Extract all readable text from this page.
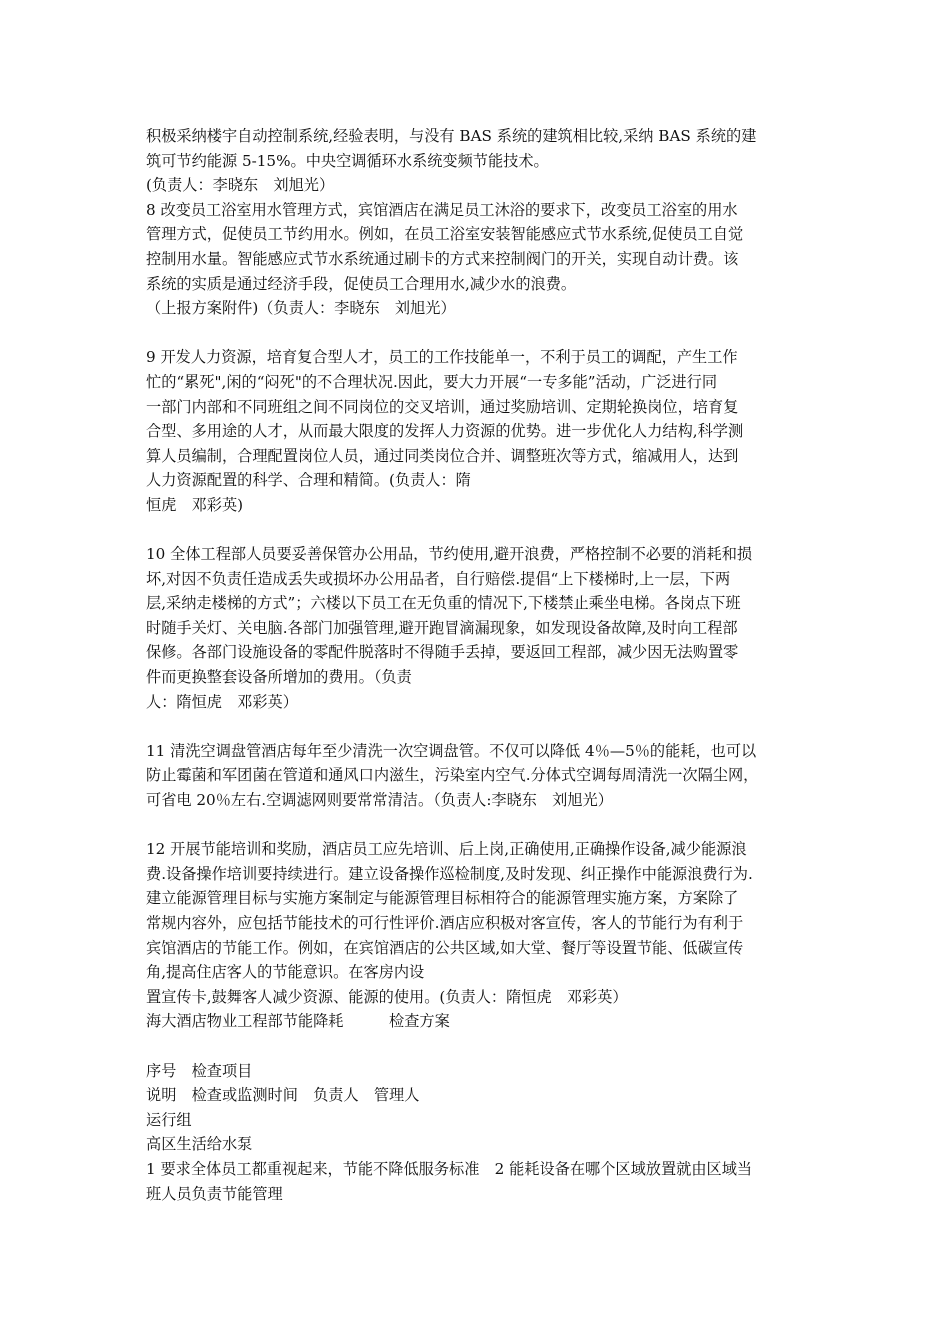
积极采纳楼宇自动控制系统,经验表明，与没有 BAS 系统的建筑相比较,采纳 BAS 系统的建
筑可节约能源 5-15%。中央空调循环水系统变频节能技术。
(负责人：李晓东　刘旭光）
8 改变员工浴室用水管理方式，宾馆酒店在满足员工沐浴的要求下，改变员工浴室的用水
管理方式，促使员工节约用水。例如，在员工浴室安装智能感应式节水系统,促使员工自觉
控制用水量。智能感应式节水系统通过刷卡的方式来控制阀门的开关，实现自动计费。该
系统的实质是通过经济手段，促使员工合理用水,减少水的浪费。
（上报方案附件)（负责人：李晓东　刘旭光）
9 开发人力资源，培育复合型人才，员工的工作技能单一，不利于员工的调配，产生工作
忙的“累死",闲的“闷死"的不合理状况.因此，要大力开展“一专多能”活动，广泛进行同
一部门内部和不同班组之间不同岗位的交叉培训，通过奖励培训、定期轮换岗位，培育复
合型、多用途的人才，从而最大限度的发挥人力资源的优势。进一步优化人力结构,科学测
算人员编制，合理配置岗位人员，通过同类岗位合并、调整班次等方式，缩减用人，达到
人力资源配置的科学、合理和精简。(负责人：隋
恒虎　邓彩英)
10 全体工程部人员要妥善保管办公用品，节约使用,避开浪费，严格控制不必要的消耗和损
坏,对因不负责任造成丢失或损坏办公用品者，自行赔偿.提倡“上下楼梯时,上一层，下两
层,采纳走楼梯的方式”；六楼以下员工在无负重的情况下,下楼禁止乘坐电梯。各岗点下班
时随手关灯、关电脑.各部门加强管理,避开跑冒滴漏现象，如发现设备故障,及时向工程部
保修。各部门设施设备的零配件脱落时不得随手丢掉，要返回工程部，减少因无法购置零
件而更换整套设备所增加的费用。（负责
人：隋恒虎　邓彩英）
11 清洗空调盘管酒店每年至少清洗一次空调盘管。不仅可以降低 4％—5％的能耗，也可以
防止霉菌和军团菌在管道和通风口内滋生，污染室内空气.分体式空调每周清洗一次隔尘网，
可省电 20％左右.空调滤网则要常常清洁。（负责人:李晓东　刘旭光）
12 开展节能培训和奖励，酒店员工应先培训、后上岗,正确使用,正确操作设备,减少能源浪
费.设备操作培训要持续进行。建立设备操作巡检制度,及时发现、纠正操作中能源浪费行为.
建立能源管理目标与实施方案制定与能源管理目标相符合的能源管理实施方案，方案除了
常规内容外，应包括节能技术的可行性评价.酒店应积极对客宣传，客人的节能行为有利于
宾馆酒店的节能工作。例如，在宾馆酒店的公共区域,如大堂、餐厅等设置节能、低碳宣传
角,提高住店客人的节能意识。在客房内设
置宣传卡,鼓舞客人减少资源、能源的使用。(负责人：隋恒虎　邓彩英）
海大酒店物业工程部节能降耗　　　检查方案
序号　检查项目
说明　检查或监测时间　负责人　管理人
运行组
高区生活给水泵
1 要求全体员工都重视起来，节能不降低服务标准　2 能耗设备在哪个区域放置就由区域当
班人员负责节能管理
